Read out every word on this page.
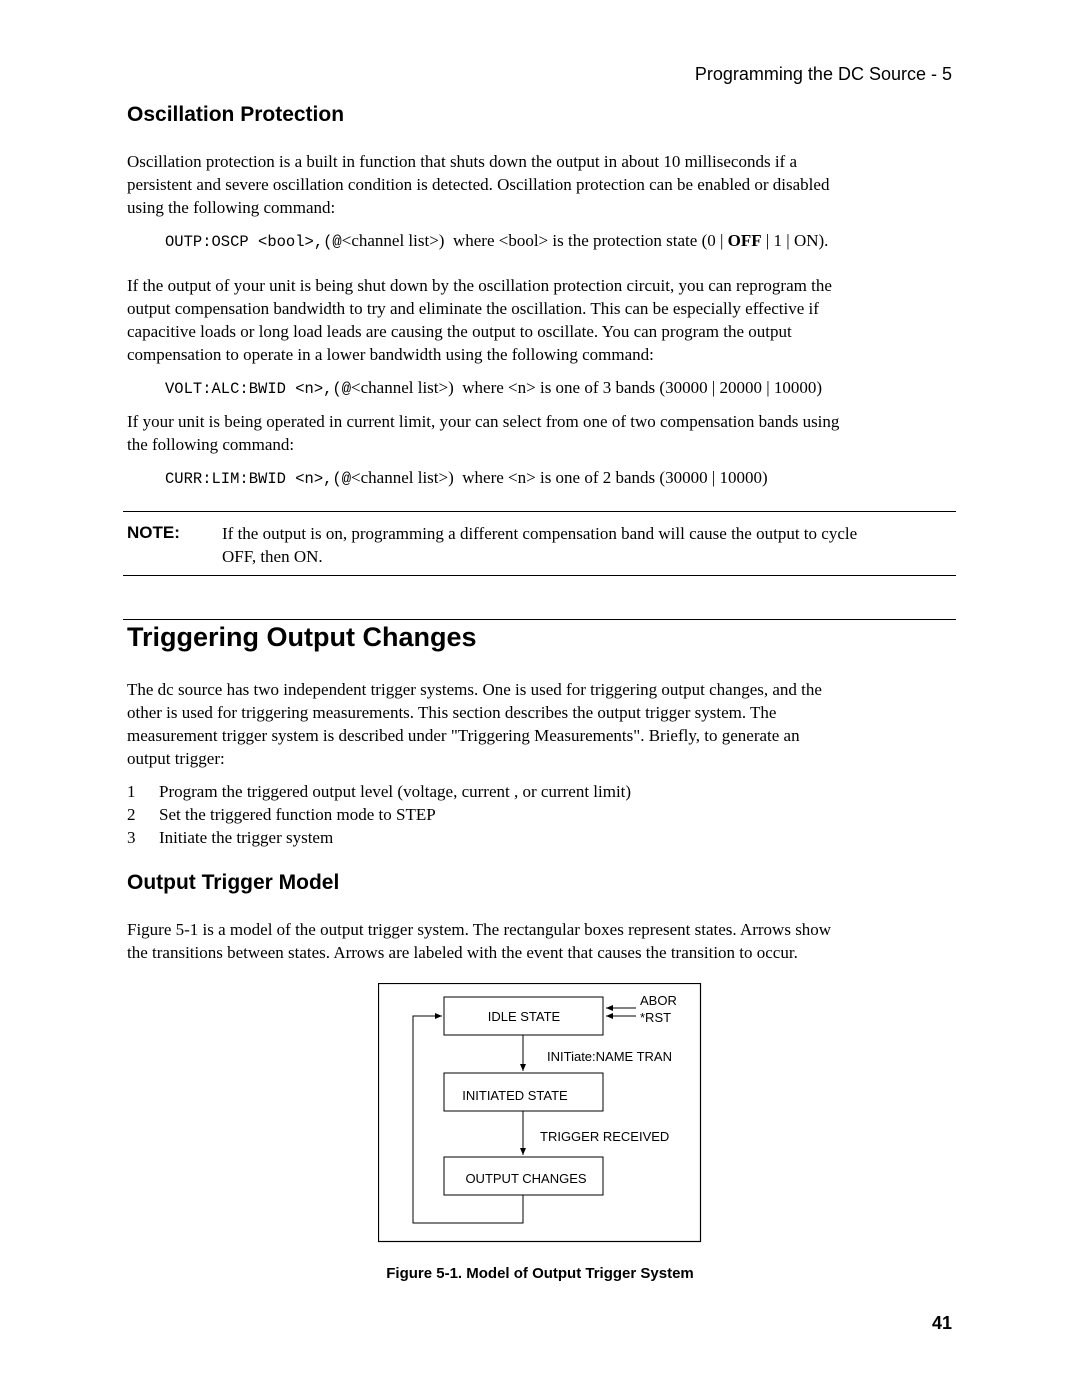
Programming the DC Source - 5
Oscillation Protection
Oscillation protection is a built in function that shuts down the output in about 10 milliseconds if a
persistent and severe oscillation condition is detected. Oscillation protection can be enabled or disabled
using the following command:
OUTP:OSCP <bool>,(@<channel list>) where <bool> is the protection state (0 | OFF | 1 | ON).
If the output of your unit is being shut down by the oscillation protection circuit, you can reprogram the
output compensation bandwidth to try and eliminate the oscillation. This can be especially effective if
capacitive loads or long load leads are causing the output to oscillate. You can program the output
compensation to operate in a lower bandwidth using the following command:
VOLT:ALC:BWID <n>,(@<channel list>) where <n> is one of 3 bands (30000 | 20000 | 10000)
If your unit is being operated in current limit, your can select from one of two compensation bands using
the following command:
CURR:LIM:BWID <n>,(@<channel list>) where <n> is one of 2 bands (30000 | 10000)
NOTE: If the output is on, programming a different compensation band will cause the output to cycle
OFF, then ON.
Triggering Output Changes
The dc source has two independent trigger systems. One is used for triggering output changes, and the
other is used for triggering measurements. This section describes the output trigger system. The
measurement trigger system is described under "Triggering Measurements". Briefly, to generate an
output trigger:
1	Program the triggered output level (voltage, current , or current limit)
2	Set the triggered function mode to STEP
3	Initiate the trigger system
Output Trigger Model
Figure 5-1 is a model of the output trigger system. The rectangular boxes represent states. Arrows show
the transitions between states. Arrows are labeled with the event that causes the transition to occur.
IDLE STATE
INITIATED STATE
OUTPUT CHANGES
ABOR
*RST
INITiate:NAME TRAN
TRIGGER RECEIVED
Figure 5-1. Model of Output Trigger System
41
